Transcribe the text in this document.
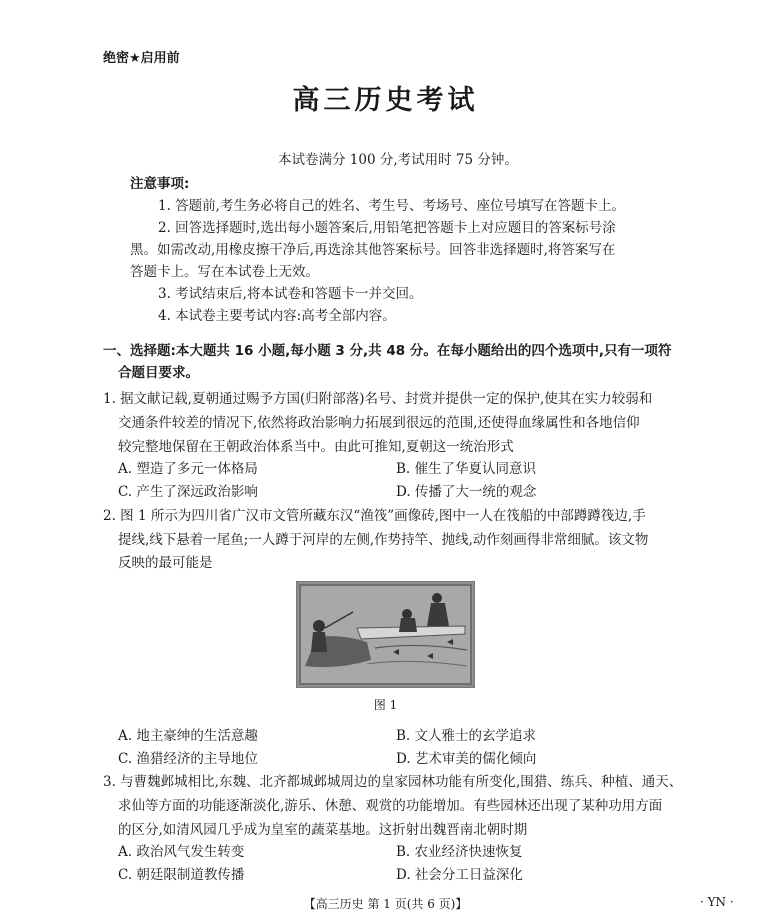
绝密★启用前
高三历史考试
本试卷满分 100 分,考试用时 75 分钟。
注意事项:
1. 答题前,考生务必将自己的姓名、考生号、考场号、座位号填写在答题卡上。
2. 回答选择题时,选出每小题答案后,用铅笔把答题卡上对应题目的答案标号涂
黑。如需改动,用橡皮擦干净后,再选涂其他答案标号。回答非选择题时,将答案写在
答题卡上。写在本试卷上无效。
3. 考试结束后,将本试卷和答题卡一并交回。
4. 本试卷主要考试内容:高考全部内容。
一、选择题:本大题共 16 小题,每小题 3 分,共 48 分。在每小题给出的四个选项中,只有一项符
合题目要求。
1. 据文献记载,夏朝通过赐予方国(归附部落)名号、封赏并提供一定的保护,使其在实力较弱和
交通条件较差的情况下,依然将政治影响力拓展到很远的范围,还使得血缘属性和各地信仰
较完整地保留在王朝政治体系当中。由此可推知,夏朝这一统治形式
A. 塑造了多元一体格局	B. 催生了华夏认同意识
C. 产生了深远政治影响	D. 传播了大一统的观念
2. 图 1 所示为四川省广汉市文管所藏东汉“渔筏”画像砖,图中一人在筏船的中部蹲蹲筏边,手
提线,线下悬着一尾鱼;一人蹲于河岸的左侧,作势持竿、抛线,动作刻画得非常细腻。该文物
反映的最可能是
图 1
A. 地主豪绅的生活意趣	B. 文人雅士的玄学追求
C. 渔猎经济的主导地位	D. 艺术审美的儒化倾向
3. 与曹魏邺城相比,东魏、北齐都城邺城周边的皇家园林功能有所变化,围猎、练兵、种植、通天、
求仙等方面的功能逐渐淡化,游乐、休憩、观赏的功能增加。有些园林还出现了某种功用方面
的区分,如清风园几乎成为皇室的蔬菜基地。这折射出魏晋南北朝时期
A. 政治风气发生转变	B. 农业经济快速恢复
C. 朝廷限制道教传播	D. 社会分工日益深化
【高三历史 第 1 页(共 6 页)】	· YN ·
